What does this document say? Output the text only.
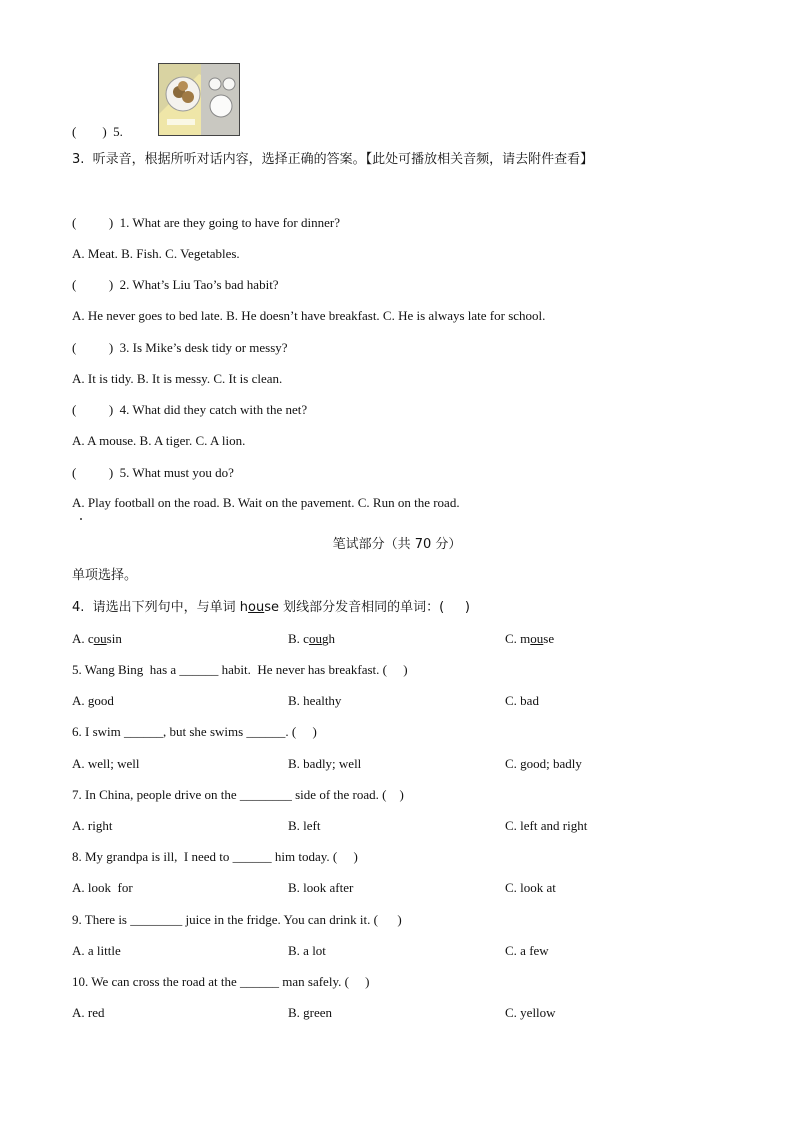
(        )  5.
3.  听录音，根据所听对话内容，选择正确的答案。【此处可播放相关音频，请去附件查看】
(          )  1. What are they going to have for dinner?
A. Meat. B. Fish. C. Vegetables.
(          )  2. What’s Liu Tao’s bad habit?
A. He never goes to bed late. B. He doesn’t have breakfast. C. He is always late for school.
(          )  3. Is Mike’s desk tidy or messy?
A. It is tidy. B. It is messy. C. It is clean.
(          )  4. What did they catch with the net?
A. A mouse. B. A tiger. C. A lion.
(          )  5. What must you do?
A. Play football on the road. B. Wait on the pavement. C. Run on the road.
笔试部分（共 70 分）
单项选择。
4.  请选出下列句中，与单词 house 划线部分发音相同的单词：(     )
A. cousin	B. cough	C. mouse
5. Wang Bing  has a ______ habit.  He never has breakfast. (     )
A. good	B. healthy	C. bad
6. I swim ______, but she swims ______. (     )
A. well; well	B. badly; well	C. good; badly
7. In China, people drive on the ________ side of the road. (    )
A. right	B. left	C. left and right
8. My grandpa is ill,  I need to ______ him today. (     )
A. look  for	B. look after	C. look at
9. There is ________ juice in the fridge. You can drink it. (      )
A. a little	B. a lot	C. a few
10. We can cross the road at the ______ man safely. (     )
A. red	B. green	C. yellow
